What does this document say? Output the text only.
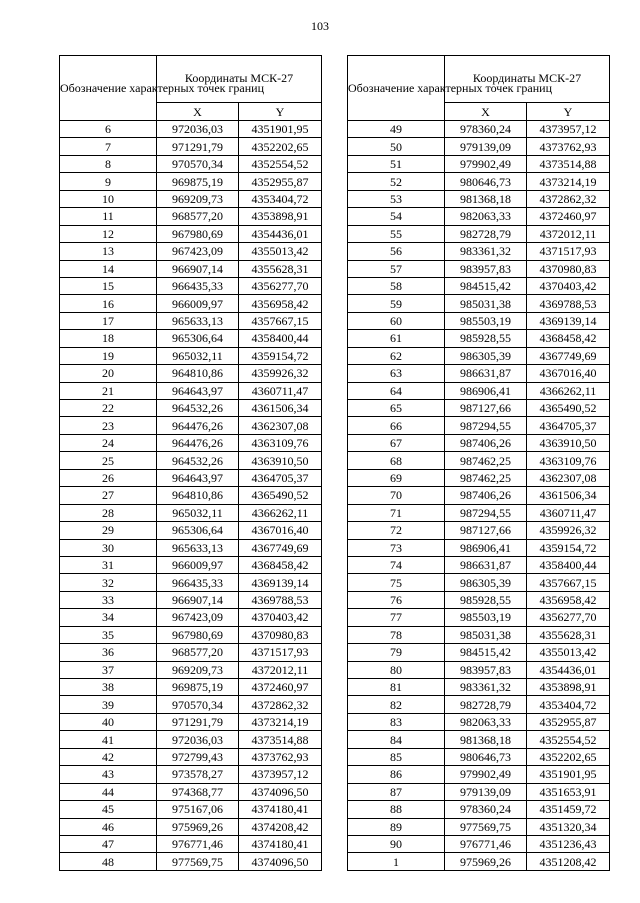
103
Обозначение характерных точек границ	Координаты МСК-27	
	X	Y
6	972036,03	4351901,95
7	971291,79	4352202,65
8	970570,34	4352554,52
9	969875,19	4352955,87
10	969209,73	4353404,72
11	968577,20	4353898,91
12	967980,69	4354436,01
13	967423,09	4355013,42
14	966907,14	4355628,31
15	966435,33	4356277,70
16	966009,97	4356958,42
17	965633,13	4357667,15
18	965306,64	4358400,44
19	965032,11	4359154,72
20	964810,86	4359926,32
21	964643,97	4360711,47
22	964532,26	4361506,34
23	964476,26	4362307,08
24	964476,26	4363109,76
25	964532,26	4363910,50
26	964643,97	4364705,37
27	964810,86	4365490,52
28	965032,11	4366262,11
29	965306,64	4367016,40
30	965633,13	4367749,69
31	966009,97	4368458,42
32	966435,33	4369139,14
33	966907,14	4369788,53
34	967423,09	4370403,42
35	967980,69	4370980,83
36	968577,20	4371517,93
37	969209,73	4372012,11
38	969875,19	4372460,97
39	970570,34	4372862,32
40	971291,79	4373214,19
41	972036,03	4373514,88
42	972799,43	4373762,93
43	973578,27	4373957,12
44	974368,77	4374096,50
45	975167,06	4374180,41
46	975969,26	4374208,42
47	976771,46	4374180,41
48	977569,75	4374096,50
Обозначение характерных точек границ	Координаты МСК-27	
	X	Y
49	978360,24	4373957,12
50	979139,09	4373762,93
51	979902,49	4373514,88
52	980646,73	4373214,19
53	981368,18	4372862,32
54	982063,33	4372460,97
55	982728,79	4372012,11
56	983361,32	4371517,93
57	983957,83	4370980,83
58	984515,42	4370403,42
59	985031,38	4369788,53
60	985503,19	4369139,14
61	985928,55	4368458,42
62	986305,39	4367749,69
63	986631,87	4367016,40
64	986906,41	4366262,11
65	987127,66	4365490,52
66	987294,55	4364705,37
67	987406,26	4363910,50
68	987462,25	4363109,76
69	987462,25	4362307,08
70	987406,26	4361506,34
71	987294,55	4360711,47
72	987127,66	4359926,32
73	986906,41	4359154,72
74	986631,87	4358400,44
75	986305,39	4357667,15
76	985928,55	4356958,42
77	985503,19	4356277,70
78	985031,38	4355628,31
79	984515,42	4355013,42
80	983957,83	4354436,01
81	983361,32	4353898,91
82	982728,79	4353404,72
83	982063,33	4352955,87
84	981368,18	4352554,52
85	980646,73	4352202,65
86	979902,49	4351901,95
87	979139,09	4351653,91
88	978360,24	4351459,72
89	977569,75	4351320,34
90	976771,46	4351236,43
1	975969,26	4351208,42
